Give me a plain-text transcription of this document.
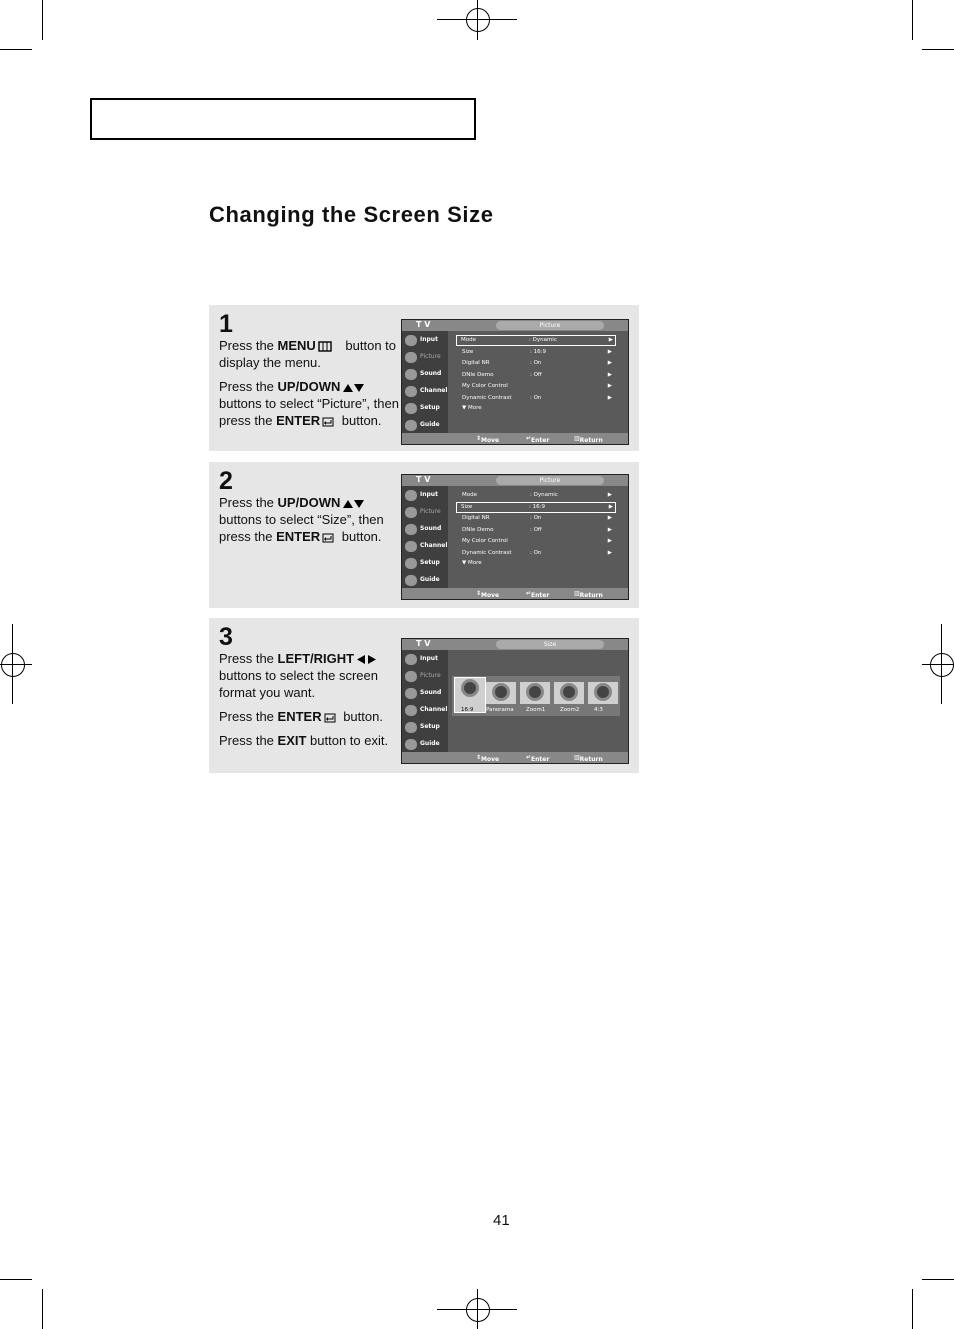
Changing the Screen Size
1

Press the MENU button to display the menu.

Press the UP/DOWN buttons to select “Picture”, then press the ENTER button.

T V	Picture
Input
Picture
Sound
Channel
Setup
Guide
Mode	: Dynamic	▶
Size	: 16:9	▶
Digital NR	: On	▶
DNIe Demo	: Off	▶
My Color Control	▶
Dynamic Contrast	: On	▶
▼ More
⇕ Move	↵ Enter	▥ Return
2

Press the UP/DOWN buttons to select “Size”, then press the ENTER button.

T V	Picture
Input
Picture
Sound
Channel
Setup
Guide
Mode	: Dynamic	▶
Size	: 16:9	▶
Digital NR	: On	▶
DNIe Demo	: Off	▶
My Color Control	▶
Dynamic Contrast	: On	▶
▼ More
⇕ Move	↵ Enter	▥ Return
3

Press the LEFT/RIGHT buttons to select the screen format you want.

Press the ENTER button.

Press the EXIT button to exit.

T V	Size
Input
Picture
Sound
Channel
Setup
Guide
16:9 Panorama Zoom1	Zoom2	4:3
⇕ Move	↵ Enter	▥ Return
41
